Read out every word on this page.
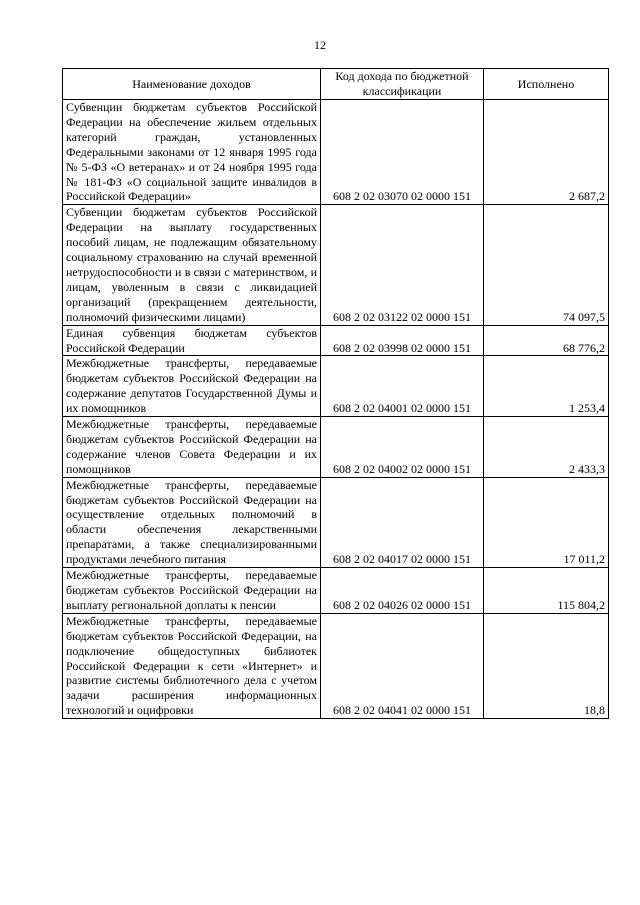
12
Наименование доходов	Код дохода по бюджетной классификации	Исполнено
Субвенции бюджетам субъектов Российской Федерации на обеспечение жильем отдельных категорий граждан, установленных Федеральными законами от 12 января 1995 года № 5-ФЗ «О ветеранах» и от 24 ноября 1995 года № 181-ФЗ «О социальной защите инвалидов в Российской Федерации»	608 2 02 03070 02 0000 151	2 687,2
Субвенции бюджетам субъектов Российской Федерации на выплату государственных пособий лицам, не подлежащим обязательному социальному страхованию на случай временной нетрудоспособности и в связи с материнством, и лицам, уволенным в связи с ликвидацией организаций (прекращением деятельности, полномочий физическими лицами)	608 2 02 03122 02 0000 151	74 097,5
Единая субвенция бюджетам субъектов Российской Федерации	608 2 02 03998 02 0000 151	68 776,2
Межбюджетные трансферты, передаваемые бюджетам субъектов Российской Федерации на содержание депутатов Государственной Думы и их помощников	608 2 02 04001 02 0000 151	1 253,4
Межбюджетные трансферты, передаваемые бюджетам субъектов Российской Федерации на содержание членов Совета Федерации и их помощников	608 2 02 04002 02 0000 151	2 433,3
Межбюджетные трансферты, передаваемые бюджетам субъектов Российской Федерации на осуществление отдельных полномочий в области обеспечения лекарственными препаратами, а также специализированными продуктами лечебного питания	608 2 02 04017 02 0000 151	17 011,2
Межбюджетные трансферты, передаваемые бюджетам субъектов Российской Федерации на выплату региональной доплаты к пенсии	608 2 02 04026 02 0000 151	115 804,2
Межбюджетные трансферты, передаваемые бюджетам субъектов Российской Федерации, на подключение общедоступных библиотек Российской Федерации к сети «Интернет» и развитие системы библиотечного дела с учетом задачи расширения информационных технологий и оцифровки	608 2 02 04041 02 0000 151	18,8
